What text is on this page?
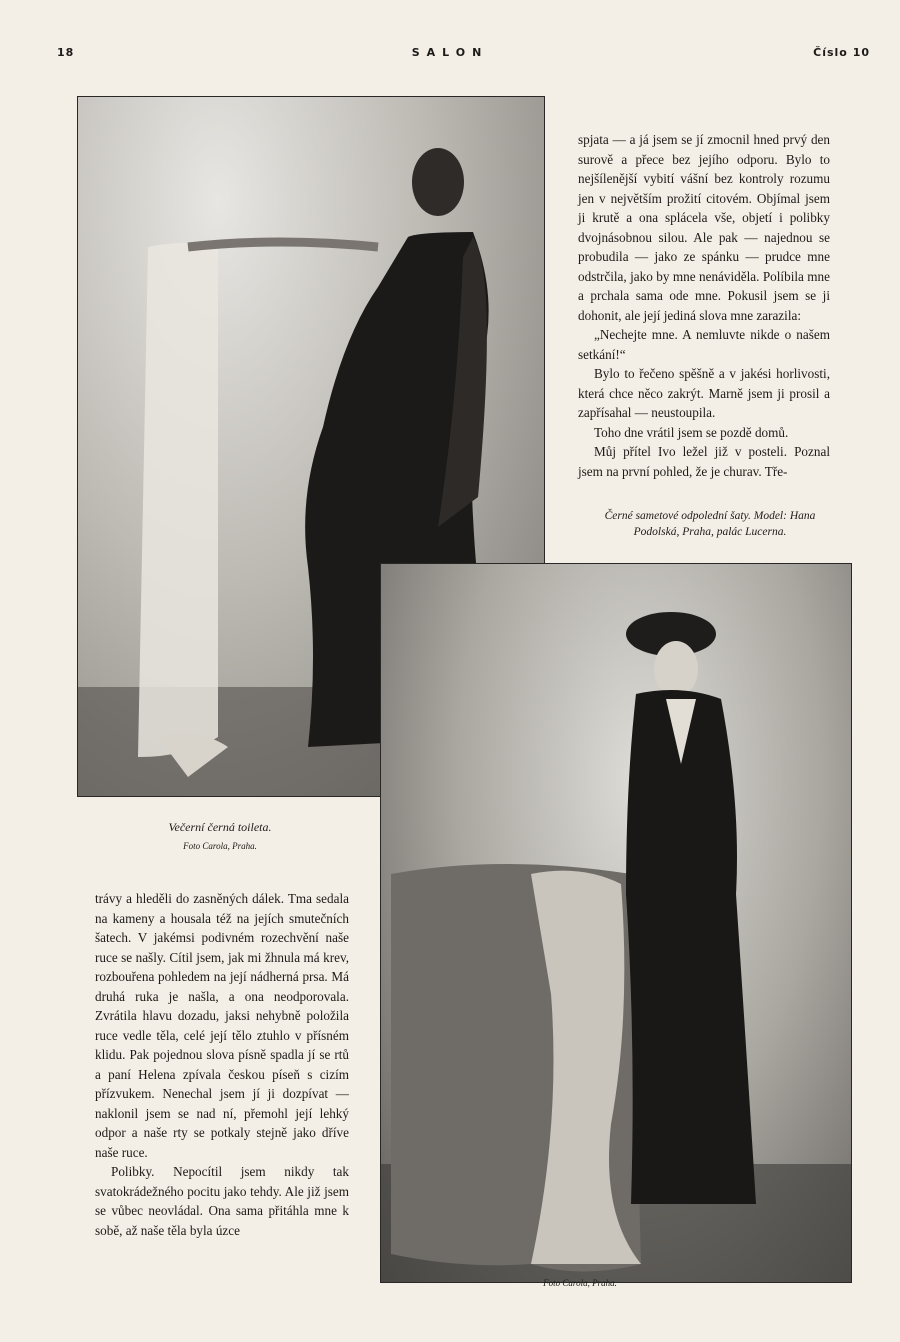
18	SALON	Číslo 10

spjata — a já jsem se jí zmocnil hned prvý den surově a přece bez jejího odporu. Bylo to nejšílenější vybití vášní bez kontroly rozumu jen v největším prožití citovém. Objímal jsem ji krutě a ona splácela vše, objetí i polibky dvojnásobnou silou. Ale pak — najednou se probudila — jako ze spánku — prudce mne odstrčila, jako by mne nenáviděla. Políbila mne a prchala sama ode mne. Pokusil jsem se ji dohonit, ale její jediná slova mne zarazila:

„Nechejte mne. A nemluvte nikde o našem setkání!“

Bylo to řečeno spěšně a v jakési horlivosti, která chce něco zakrýt. Marně jsem ji prosil a zapřísahal — neustoupila.

Toho dne vrátil jsem se pozdě domů.

Můj přítel Ivo ležel již v posteli. Poznal jsem na první pohled, že je churav. Tře-

Černé sametové odpolední šaty. Model: Hana Podolská, Praha, palác Lucerna.
Večerní černá toileta.
Foto Carola, Praha.

trávy a hleděli do zasněných dálek. Tma sedala na kameny a housala též na jejích smutečních šatech. V jakémsi podivném rozechvění naše ruce se našly. Cítil jsem, jak mi žhnula má krev, rozbouřena pohledem na její nádherná prsa. Má druhá ruka je našla, a ona neodporovala. Zvrátila hlavu dozadu, jaksi nehybně položila ruce vedle těla, celé její tělo ztuhlo v přísném klidu. Pak pojednou slova písně spadla jí se rtů a paní Helena zpívala českou píseň s cizím přízvukem. Nenechal jsem jí ji dozpívat — naklonil jsem se nad ní, přemohl její lehký odpor a naše rty se potkaly stejně jako dříve naše ruce.

Polibky. Nepocítil jsem nikdy tak svatokrádežného pocitu jako tehdy. Ale již jsem se vůbec neovládal. Ona sama přitáhla mne k sobě, až naše těla byla úzce

Foto Carola, Praha.
